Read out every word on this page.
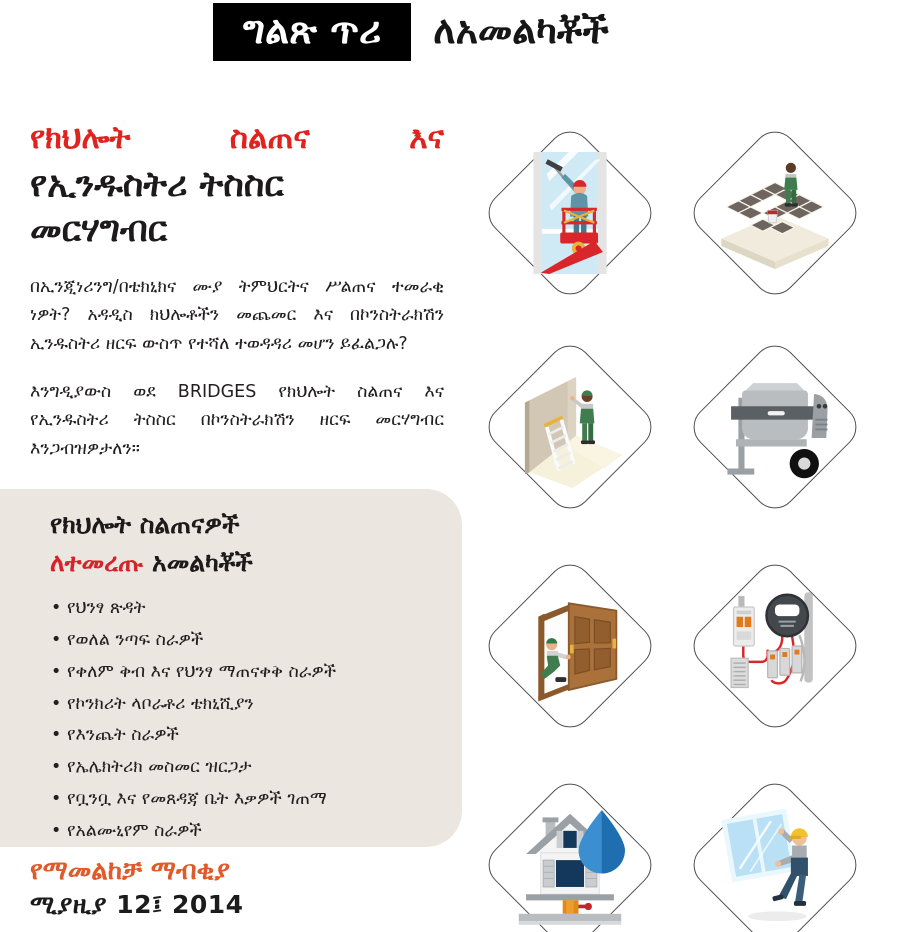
ግልጽ ጥሪ ለአመልካቾች
የክህሎት ስልጠና እና
የኢንዱስትሪ ትስስር
መርሃግብር

በኢንጂነሪንግ/በቴክኒክና ሙያ ትምህርትና ሥልጠና ተመራቂ ነዎት? አዳዲስ ክህሎቶችን መጨመር እና በኮንስትራክሽን ኢንዱስትሪ ዘርፍ ውስጥ የተሻለ ተወዳዳሪ መሆን ይፈልጋሉ?

እንግዲያውስ ወደ BRIDGES የክህሎት ስልጠና እና የኢንዱስትሪ ትስስር በኮንስትራክሽን ዘርፍ መርሃግብር እንጋብዝዎታለን።

የክህሎት ስልጠናዎች
ለተመረጡ አመልካቾች
• የህንፃ ጽዳት
• የወለል ንጣፍ ስራዎች
• የቀለም ቅብ እና የህንፃ ማጠናቀቅ ስራዎች
• የኮንክሪት ላቦራቶሪ ቴክኒሺያን
• የእንጨት ስራዎች
• የኤሌክትሪክ መስመር ዝርጋታ
• የቧንቧ እና የመጸዳጃ ቤት እቃዎች ገጠማ
• የአልሙኒየም ስራዎች
የማመልከቻ ማብቂያ
ሚያዚያ 12፤ 2014
